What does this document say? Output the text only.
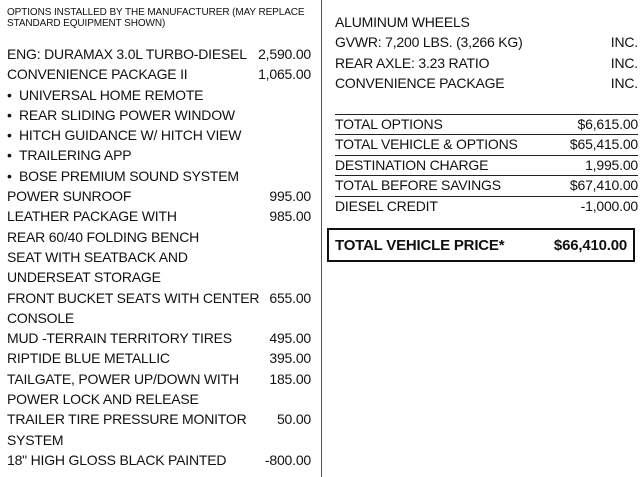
OPTIONS INSTALLED BY THE MANUFACTURER (MAY REPLACE
STANDARD EQUIPMENT SHOWN)
ENG: DURAMAX 3.0L TURBO-DIESEL 2,590.00
CONVENIENCE PACKAGE II	1,065.00
• UNIVERSAL HOME REMOTE
• REAR SLIDING POWER WINDOW
• HITCH GUIDANCE W/ HITCH VIEW
• TRAILERING APP
• BOSE PREMIUM SOUND SYSTEM
POWER SUNROOF	995.00
LEATHER PACKAGE WITH	985.00
REAR 60/40 FOLDING BENCH
SEAT WITH SEATBACK AND
UNDERSEAT STORAGE
FRONT BUCKET SEATS WITH CENTER 655.00
CONSOLE
MUD -TERRAIN TERRITORY TIRES	495.00
RIPTIDE BLUE METALLIC	395.00
TAILGATE, POWER UP/DOWN WITH	185.00
POWER LOCK AND RELEASE
TRAILER TIRE PRESSURE MONITOR	50.00
SYSTEM
18" HIGH GLOSS BLACK PAINTED	-800.00
ALUMINUM WHEELS
GVWR: 7,200 LBS. (3,266 KG)	INC.
REAR AXLE: 3.23 RATIO	INC.
CONVENIENCE PACKAGE	INC.
TOTAL OPTIONS	$6,615.00
TOTAL VEHICLE & OPTIONS	$65,415.00
DESTINATION CHARGE	1,995.00
TOTAL BEFORE SAVINGS	$67,410.00
DIESEL CREDIT	-1,000.00
TOTAL VEHICLE PRICE*	$66,410.00
